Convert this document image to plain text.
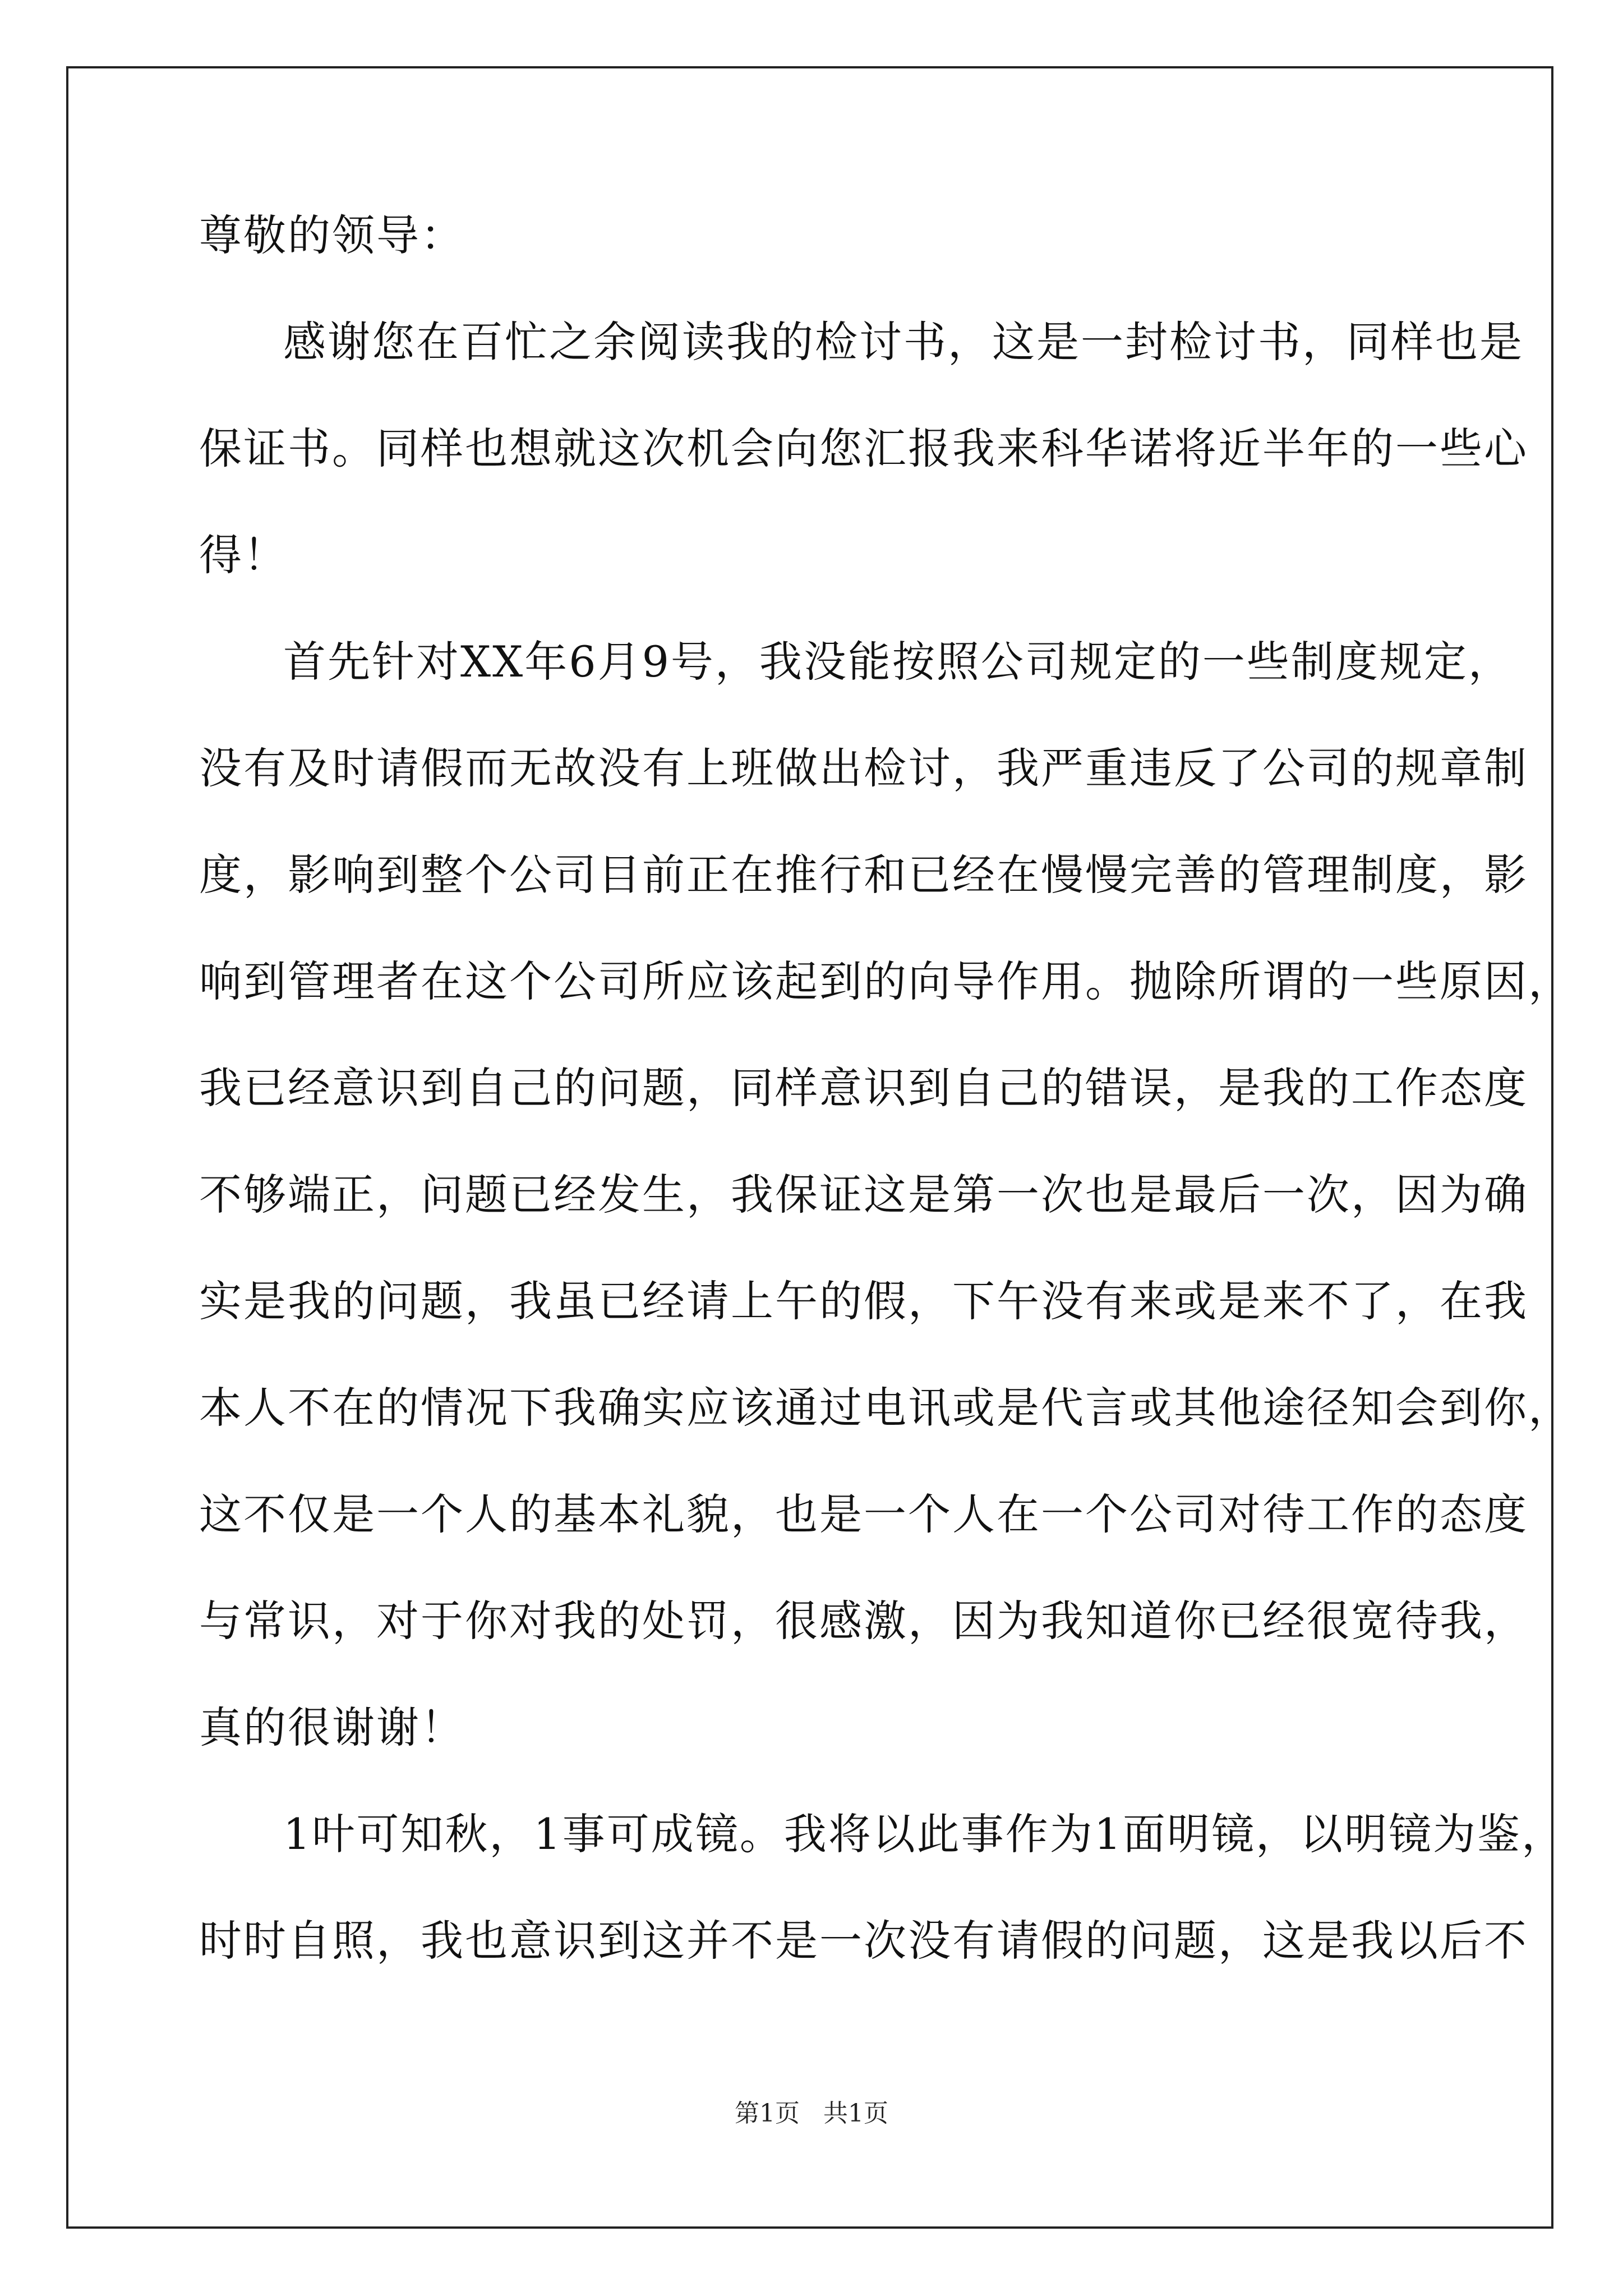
尊敬的领导：
感谢您在百忙之余阅读我的检讨书，这是一封检讨书，同样也是
保证书。同样也想就这次机会向您汇报我来科华诺将近半年的一些心
得！
首先针对XX年6月9号，我没能按照公司规定的一些制度规定，
没有及时请假而无故没有上班做出检讨，我严重违反了公司的规章制
度，影响到整个公司目前正在推行和已经在慢慢完善的管理制度，影
响到管理者在这个公司所应该起到的向导作用。抛除所谓的一些原因，
我已经意识到自己的问题，同样意识到自己的错误，是我的工作态度
不够端正，问题已经发生，我保证这是第一次也是最后一次，因为确
实是我的问题，我虽已经请上午的假，下午没有来或是来不了，在我
本人不在的情况下我确实应该通过电讯或是代言或其他途径知会到你，
这不仅是一个人的基本礼貌，也是一个人在一个公司对待工作的态度
与常识，对于你对我的处罚，很感激，因为我知道你已经很宽待我，
真的很谢谢！
1叶可知秋，1事可成镜。我将以此事作为1面明镜，以明镜为鉴，
时时自照，我也意识到这并不是一次没有请假的问题，这是我以后不
第1页 共1页
